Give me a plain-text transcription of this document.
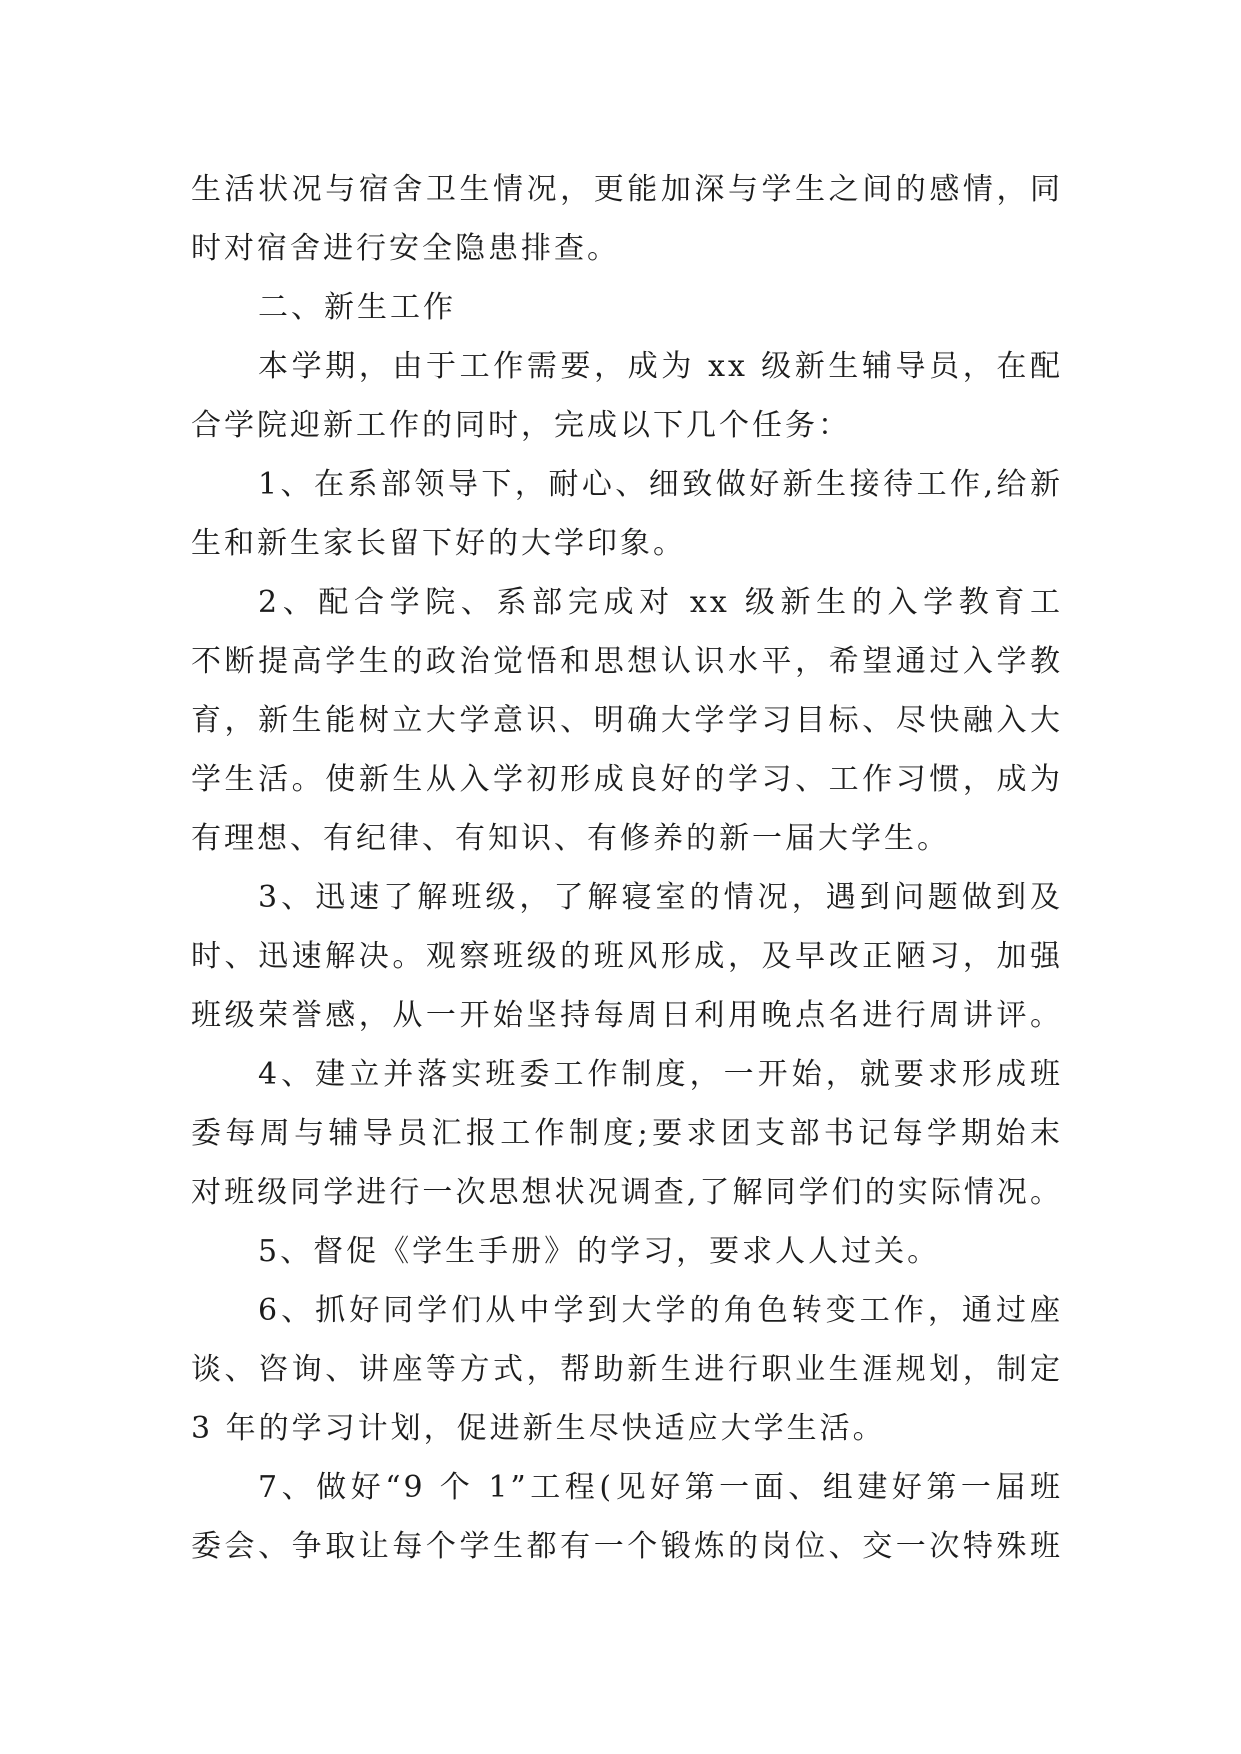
生活状况与宿舍卫生情况，更能加深与学生之间的感情，同
时对宿舍进行安全隐患排查。
二、新生工作
本学期，由于工作需要，成为 xx 级新生辅导员，在配
合学院迎新工作的同时，完成以下几个任务：
1、在系部领导下，耐心、细致做好新生接待工作,给新
生和新生家长留下好的大学印象。
2、配合学院、系部完成对 xx 级新生的入学教育工
不断提高学生的政治觉悟和思想认识水平，希望通过入学教
育，新生能树立大学意识、明确大学学习目标、尽快融入大
学生活。使新生从入学初形成良好的学习、工作习惯，成为
有理想、有纪律、有知识、有修养的新一届大学生。
3、迅速了解班级，了解寝室的情况，遇到问题做到及
时、迅速解决。观察班级的班风形成，及早改正陋习，加强
班级荣誉感，从一开始坚持每周日利用晚点名进行周讲评。
4、建立并落实班委工作制度，一开始，就要求形成班
委每周与辅导员汇报工作制度;要求团支部书记每学期始末
对班级同学进行一次思想状况调查,了解同学们的实际情况。
5、督促《学生手册》的学习，要求人人过关。
6、抓好同学们从中学到大学的角色转变工作，通过座
谈、咨询、讲座等方式，帮助新生进行职业生涯规划，制定
3 年的学习计划，促进新生尽快适应大学生活。
7、做好“9 个 1”工程(见好第一面、组建好第一届班
委会、争取让每个学生都有一个锻炼的岗位、交一次特殊班
